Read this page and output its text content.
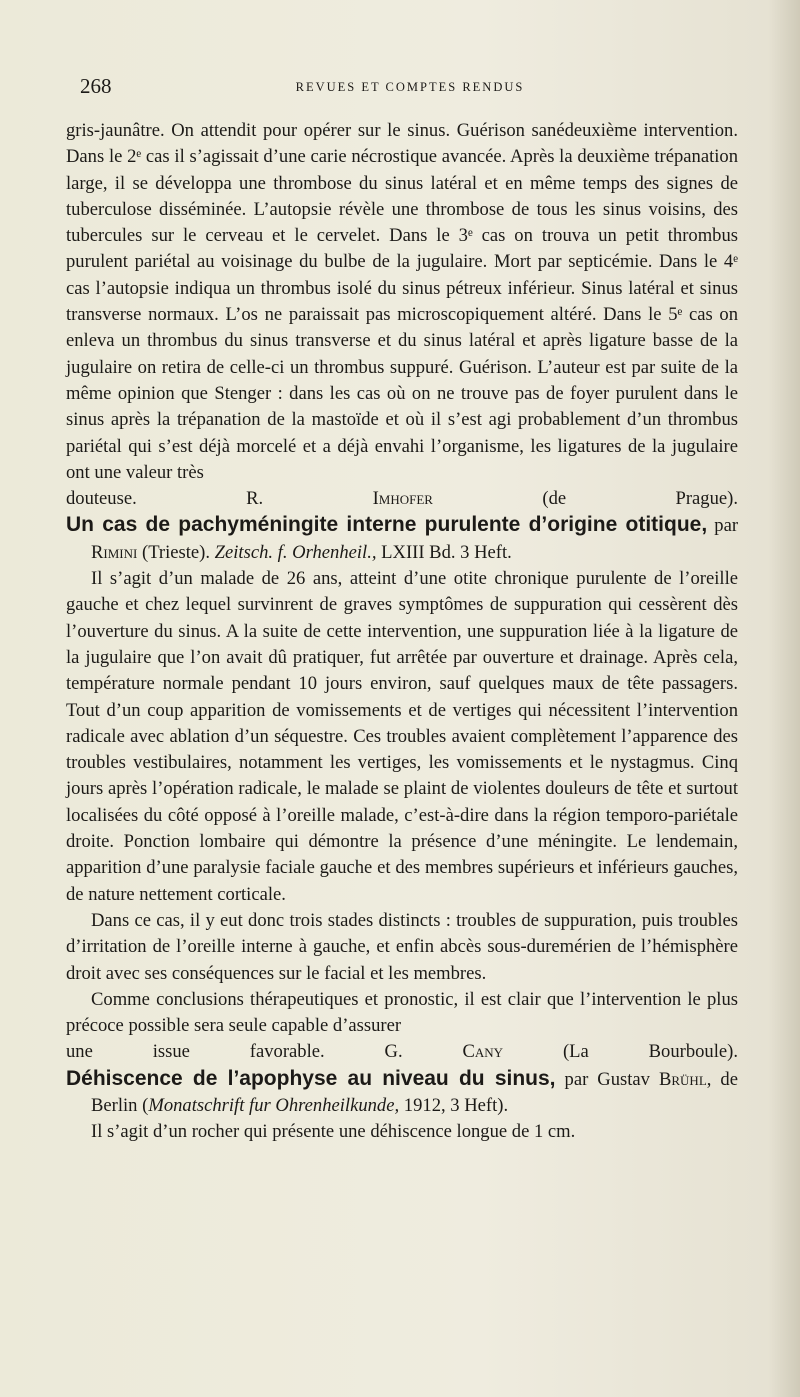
268	REVUES ET COMPTES RENDUS

gris-jaunâtre. On attendit pour opérer sur le sinus. Guérison sanédeuxième intervention. Dans le 2ᵉ cas il s’agissait d’une carie nécrostique avancée. Après la deuxième trépanation large, il se développa une thrombose du sinus latéral et en même temps des signes de tuberculose disséminée. L’autopsie révèle une thrombose de tous les sinus voisins, des tubercules sur le cerveau et le cervelet. Dans le 3ᵉ cas on trouva un petit thrombus purulent pariétal au voisinage du bulbe de la jugulaire. Mort par septicémie. Dans le 4ᵉ cas l’autopsie indiqua un thrombus isolé du sinus pétreux inférieur. Sinus latéral et sinus transverse normaux. L’os ne paraissait pas microscopiquement altéré. Dans le 5ᵉ cas on enleva un thrombus du sinus transverse et du sinus latéral et après ligature basse de la jugulaire on retira de celle-ci un thrombus suppuré. Guérison. L’auteur est par suite de la même opinion que Stenger : dans les cas où on ne trouve pas de foyer purulent dans le sinus après la trépanation de la mastoïde et où il s’est agi probablement d’un thrombus pariétal qui s’est déjà morcelé et a déjà envahi l’organisme, les ligatures de la jugulaire ont une valeur très

douteuse.	R. Imhofer	(de Prague).

Un cas de pachyméningite interne purulente d’origine otitique, par Rimini (Trieste). Zeitsch. f. Orhenheil., LXIII Bd. 3 Heft.

Il s’agit d’un malade de 26 ans, atteint d’une otite chronique purulente de l’oreille gauche et chez lequel survinrent de graves symptômes de suppuration qui cessèrent dès l’ouverture du sinus. A la suite de cette intervention, une suppuration liée à la ligature de la jugulaire que l’on avait dû pratiquer, fut arrêtée par ouverture et drainage. Après cela, température normale pendant 10 jours environ, sauf quelques maux de tête passagers. Tout d’un coup apparition de vomissements et de vertiges qui nécessitent l’intervention radicale avec ablation d’un séquestre. Ces troubles avaient complètement l’apparence des troubles vestibulaires, notamment les vertiges, les vomissements et le nystagmus. Cinq jours après l’opération radicale, le malade se plaint de violentes douleurs de tête et surtout localisées du côté opposé à l’oreille malade, c’est-à-dire dans la région temporo-pariétale droite. Ponction lombaire qui démontre la présence d’une méningite. Le lendemain, apparition d’une paralysie faciale gauche et des membres supérieurs et inférieurs gauches, de nature nettement corticale.

Dans ce cas, il y eut donc trois stades distincts : troubles de suppuration, puis troubles d’irritation de l’oreille interne à gauche, et enfin abcès sous-duremérien de l’hémisphère droit avec ses conséquences sur le facial et les membres.

Comme conclusions thérapeutiques et pronostic, il est clair que l’intervention le plus précoce possible sera seule capable d’assurer

une issue favorable.	G. Cany	(La Bourboule).

Déhiscence de l’apophyse au niveau du sinus, par Gustav Brühl, de Berlin (Monatschrift fur Ohrenheilkunde, 1912, 3 Heft).

Il s’agit d’un rocher qui présente une déhiscence longue de 1 cm.
